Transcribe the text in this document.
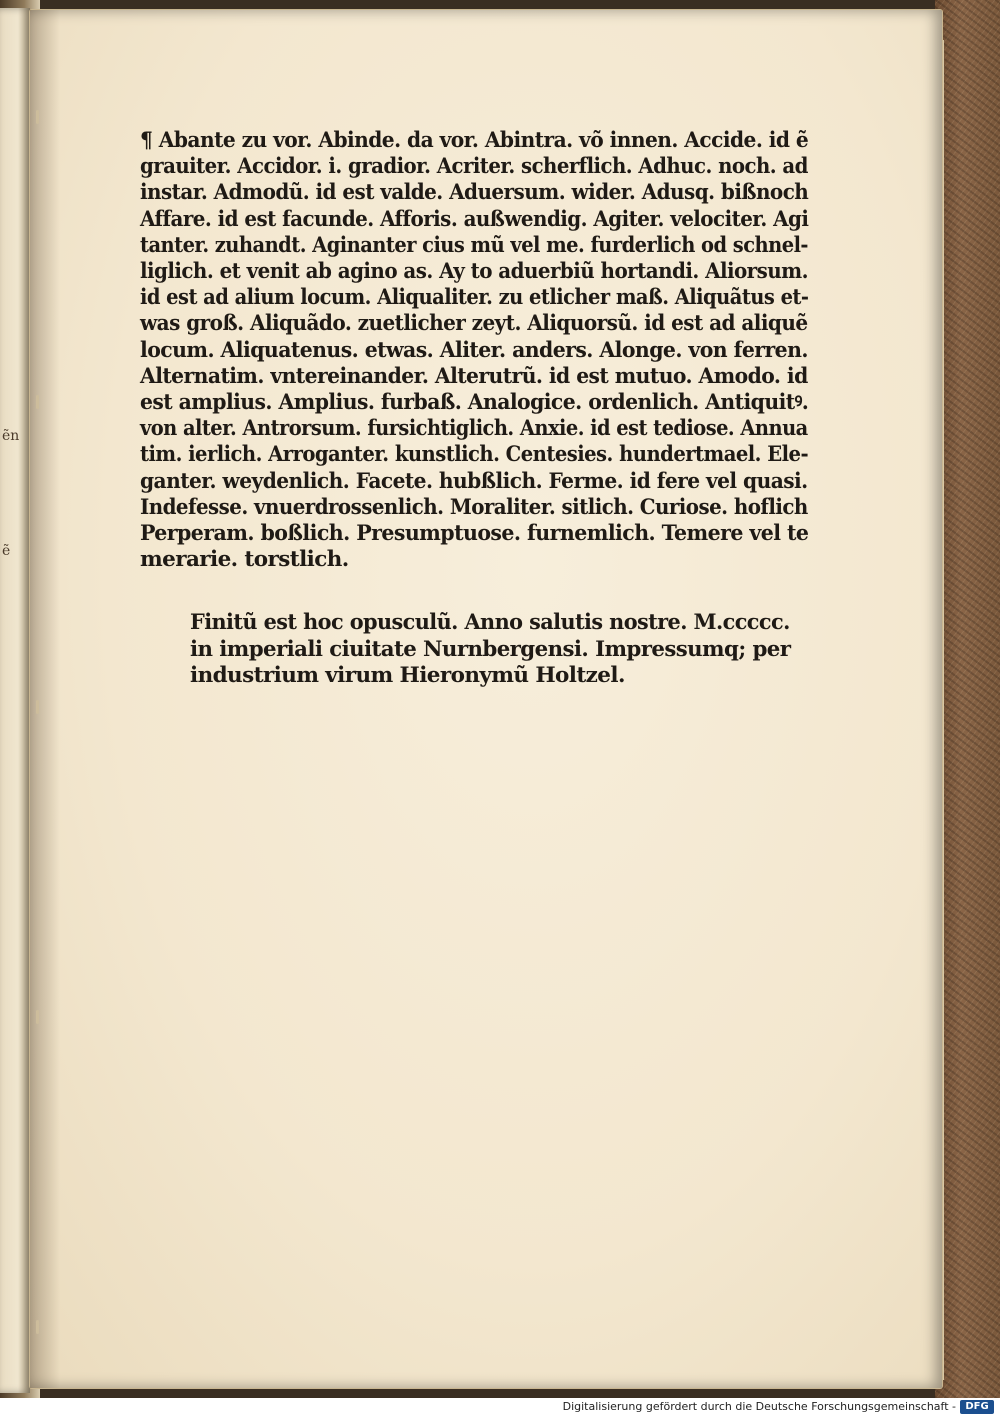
ẽn
ẽ
¶ Abante zu vor. Abinde. da vor. Abintra. võ innen. Accide. id ẽ
grauiter. Accidor. i. gradior. Acriter. scherflich. Adhuc. noch. ad
instar. Admodũ. id est valde. Aduersum. wider. Adusq. bißnoch
Affare. id est facunde. Afforis. außwendig. Agiter. velociter. Agi
tanter. zuhandt. Aginanter cius mũ vel me. furderlich od schnel-
liglich. et venit ab agino as. Ay to aduerbiũ hortandi. Aliorsum.
id est ad alium locum. Aliqualiter. zu etlicher maß. Aliquãtus et-
was groß. Aliquãdo. zuetlicher zeyt. Aliquorsũ. id est ad aliquẽ
locum. Aliquatenus. etwas. Aliter. anders. Alonge. von ferren.
Alternatim. vntereinander. Alterutrũ. id est mutuo. Amodo. id
est amplius. Amplius. furbaß. Analogice. ordenlich. Antiquitꝰ.
von alter. Antrorsum. fursichtiglich. Anxie. id est tediose. Annua
tim. ierlich. Arroganter. kunstlich. Centesies. hundertmael. Ele-
ganter. weydenlich. Facete. hubßlich. Ferme. id fere vel quasi.
Indefesse. vnuerdrossenlich. Moraliter. sitlich. Curiose. hoflich
Perperam. boßlich. Presumptuose. furnemlich. Temere vel te
merarie. torstlich.
Finitũ est hoc opusculũ. Anno salutis nostre. M.ccccc.
in imperiali ciuitate Nurnbergensi. Impressumq; per
industrium virum Hieronymũ Holtzel.
Digitalisierung gefördert durch die Deutsche Forschungsgemeinschaft - DFG
